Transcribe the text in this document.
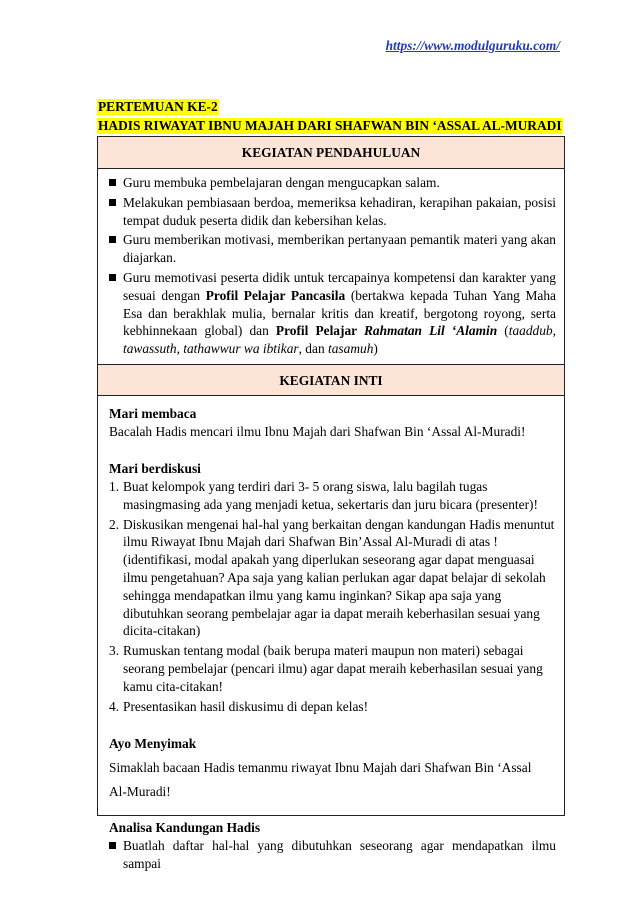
https://www.modulguruku.com/
PERTEMUAN KE-2
HADIS RIWAYAT IBNU MAJAH DARI SHAFWAN BIN ‘ASSAL AL-MURADI
KEGIATAN PENDAHULUAN
Guru membuka pembelajaran dengan mengucapkan salam.
Melakukan pembiasaan berdoa, memeriksa kehadiran, kerapihan pakaian, posisi tempat duduk peserta didik dan kebersihan kelas.
Guru memberikan motivasi, memberikan pertanyaan pemantik materi yang akan diajarkan.
Guru memotivasi peserta didik untuk tercapainya kompetensi dan karakter yang sesuai dengan Profil Pelajar Pancasila (bertakwa kepada Tuhan Yang Maha Esa dan berakhlak mulia, bernalar kritis dan kreatif, bergotong royong, serta kebhinnekaan global) dan Profil Pelajar Rahmatan Lil ‘Alamin (taaddub, tawassuth, tathawwur wa ibtikar, dan tasamuh)
KEGIATAN INTI
Mari membaca
Bacalah Hadis mencari ilmu Ibnu Majah dari Shafwan Bin ‘Assal Al-Muradi!
Mari berdiskusi
1. Buat kelompok yang terdiri dari 3- 5 orang siswa, lalu bagilah tugas masingmasing ada yang menjadi ketua, sekertaris dan juru bicara (presenter)!
2. Diskusikan mengenai hal-hal yang berkaitan dengan kandungan Hadis menuntut ilmu Riwayat Ibnu Majah dari Shafwan Bin’Assal Al-Muradi di atas ! (identifikasi, modal apakah yang diperlukan seseorang agar dapat menguasai ilmu pengetahuan? Apa saja yang kalian perlukan agar dapat belajar di sekolah sehingga mendapatkan ilmu yang kamu inginkan? Sikap apa saja yang dibutuhkan seorang pembelajar agar ia dapat meraih keberhasilan sesuai yang dicita-citakan)
3. Rumuskan tentang modal (baik berupa materi maupun non materi) sebagai seorang pembelajar (pencari ilmu) agar dapat meraih keberhasilan sesuai yang kamu cita-citakan!
4. Presentasikan hasil diskusimu di depan kelas!
Ayo Menyimak
Simaklah bacaan Hadis temanmu riwayat Ibnu Majah dari Shafwan Bin ‘Assal
Al-Muradi!
Analisa Kandungan Hadis
Buatlah daftar hal-hal yang dibutuhkan seseorang agar mendapatkan ilmu sampai
